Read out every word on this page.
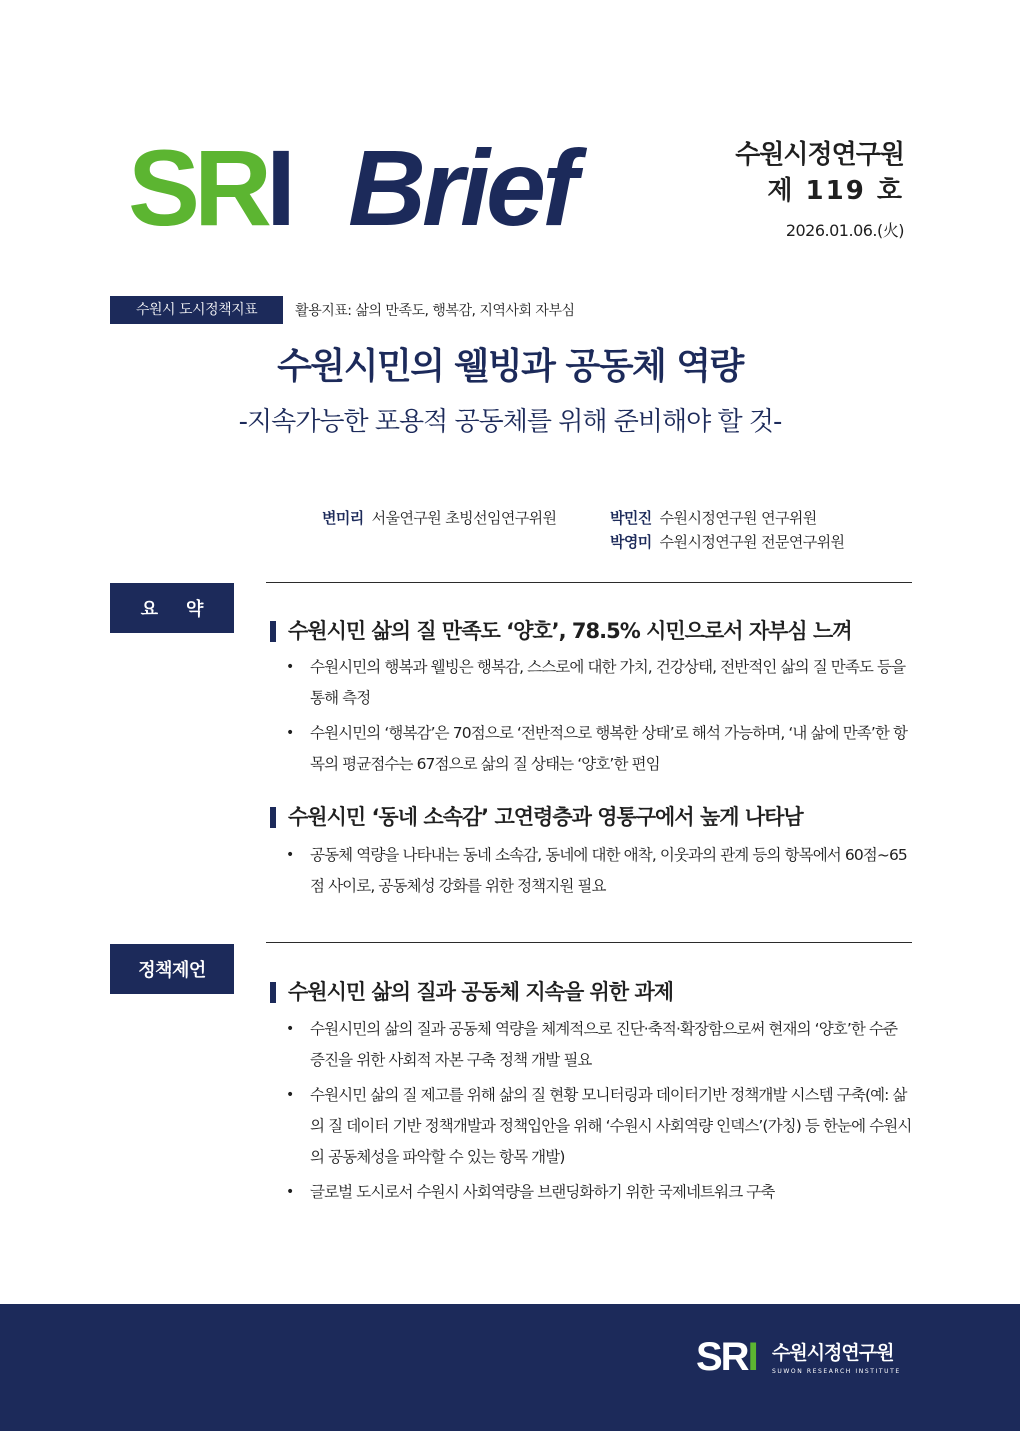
SRI Brief	수원시정연구원
제 119 호
2026.01.06.(火)
수원시 도시정책지표	활용지표: 삶의 만족도, 행복감, 지역사회 자부심
수원시민의 웰빙과 공동체 역량
-지속가능한 포용적 공동체를 위해 준비해야 할 것-
변미리 서울연구원 초빙선임연구위원	박민진 수원시정연구원 연구위원
박영미 수원시정연구원 전문연구위원
요약
수원시민 삶의 질 만족도 ‘양호’, 78.5% 시민으로서 자부심 느껴
• 수원시민의 행복과 웰빙은 행복감, 스스로에 대한 가치, 건강상태, 전반적인 삶의 질 만족도 등을 통해 측정
• 수원시민의 ‘행복감’은 70점으로 ‘전반적으로 행복한 상태’로 해석 가능하며, ‘내 삶에 만족’한 항목의 평균점수는 67점으로 삶의 질 상태는 ‘양호’한 편임
수원시민 ‘동네 소속감’ 고연령층과 영통구에서 높게 나타남
• 공동체 역량을 나타내는 동네 소속감, 동네에 대한 애착, 이웃과의 관계 등의 항목에서 60점~65점 사이로, 공동체성 강화를 위한 정책지원 필요
정책제언
수원시민 삶의 질과 공동체 지속을 위한 과제
• 수원시민의 삶의 질과 공동체 역량을 체계적으로 진단·축적·확장함으로써 현재의 ‘양호’한 수준 증진을 위한 사회적 자본 구축 정책 개발 필요
• 수원시민 삶의 질 제고를 위해 삶의 질 현황 모니터링과 데이터기반 정책개발 시스템 구축(예: 삶의 질 데이터 기반 정책개발과 정책입안을 위해 ‘수원시 사회역량 인덱스’(가칭) 등 한눈에 수원시의 공동체성을 파악할 수 있는 항목 개발)
• 글로벌 도시로서 수원시 사회역량을 브랜딩화하기 위한 국제네트워크 구축
SRI 수원시정연구원
SUWON RESEARCH INSTITUTE
